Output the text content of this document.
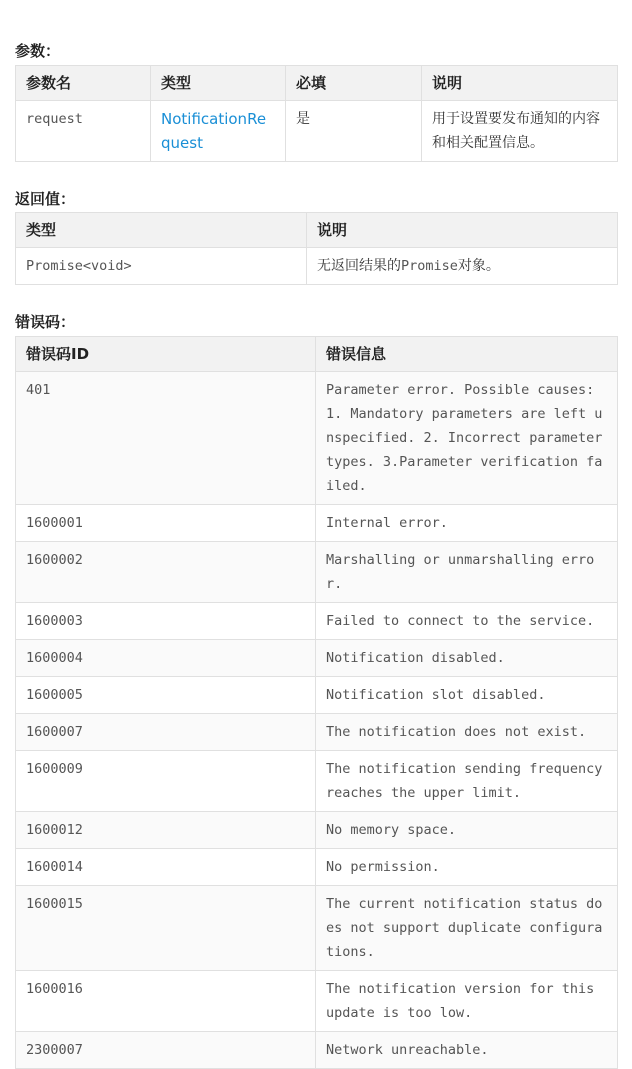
参数：
参数名	类型	必填	说明
request	NotificationRequest	是	用于设置要发布通知的内容和相关配置信息。
返回值：
类型	说明
Promise<void>	无返回结果的Promise对象。
错误码：
错误码ID	错误信息
401	Parameter error. Possible causes: 1. Mandatory parameters are left unspecified. 2. Incorrect parameter types. 3.Parameter verification failed.
1600001	Internal error.
1600002	Marshalling or unmarshalling error.
1600003	Failed to connect to the service.
1600004	Notification disabled.
1600005	Notification slot disabled.
1600007	The notification does not exist.
1600009	The notification sending frequency reaches the upper limit.
1600012	No memory space.
1600014	No permission.
1600015	The current notification status does not support duplicate configurations.
1600016	The notification version for this update is too low.
2300007	Network unreachable.
